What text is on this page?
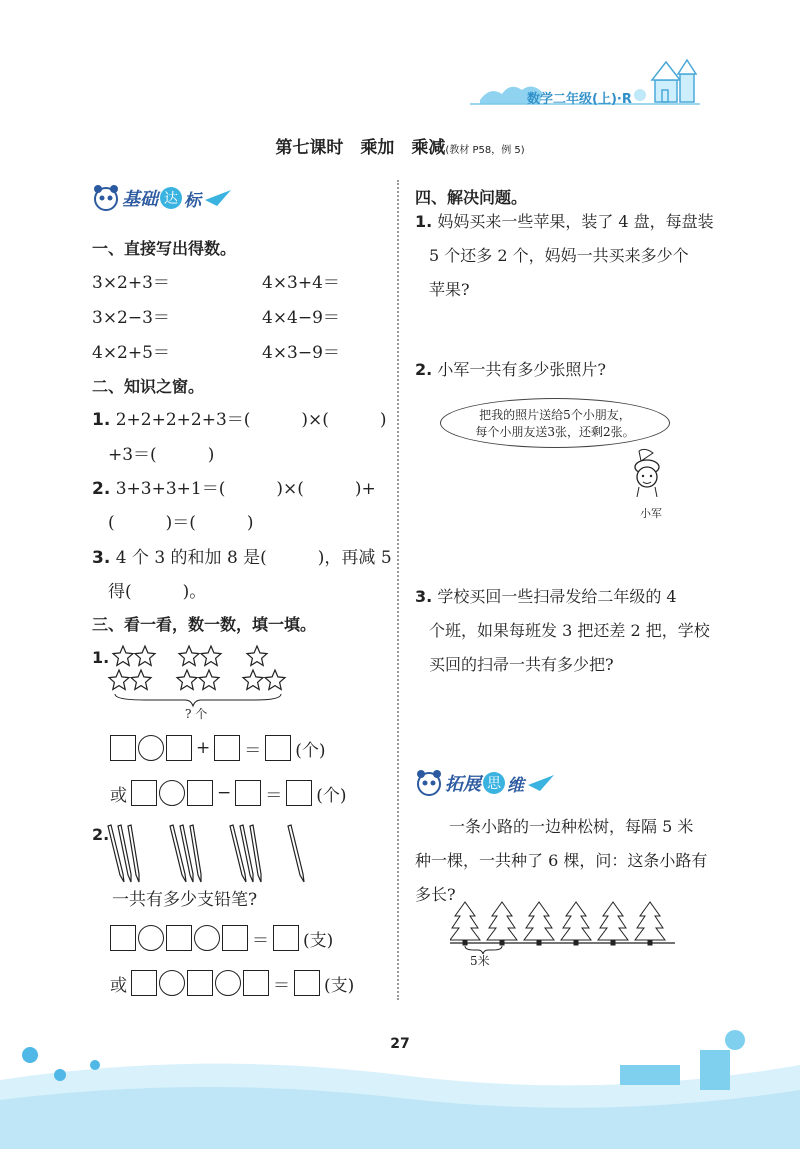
数学二年级(上)·R
第七课时　乘加　乘减(教材 P58，例 5)
基础 达 标
一、直接写出得数。
3×2+3＝	4×3+4＝
3×2−3＝	4×4−9＝
4×2+5＝	4×3−9＝
二、知识之窗。
1. 2+2+2+2+3＝(　　　)×(　　　)
+3＝(　　　)
2. 3+3+3+1＝(　　　)×(　　　)+
(　　　)＝(　　　)
3. 4 个 3 的和加 8 是(　　　)，再减 5
得(　　　)。
三、看一看，数一数，填一填。
1.
? 个
+ ＝ (个)
或	− ＝ (个)
2.
一共有多少支铅笔?
＝ (支)
或	＝ (支)
四、解决问题。
1. 妈妈买来一些苹果，装了 4 盘，每盘装
5 个还多 2 个，妈妈一共买来多少个
苹果?
2. 小军一共有多少张照片?
把我的照片送给5个小朋友，
每个小朋友送3张，还剩2张。
小军
3. 学校买回一些扫帚发给二年级的 4
个班，如果每班发 3 把还差 2 把，学校
买回的扫帚一共有多少把?
拓展 思 维
一条小路的一边种松树，每隔 5 米
种一棵，一共种了 6 棵，问：这条小路有
多长?
5米
27
